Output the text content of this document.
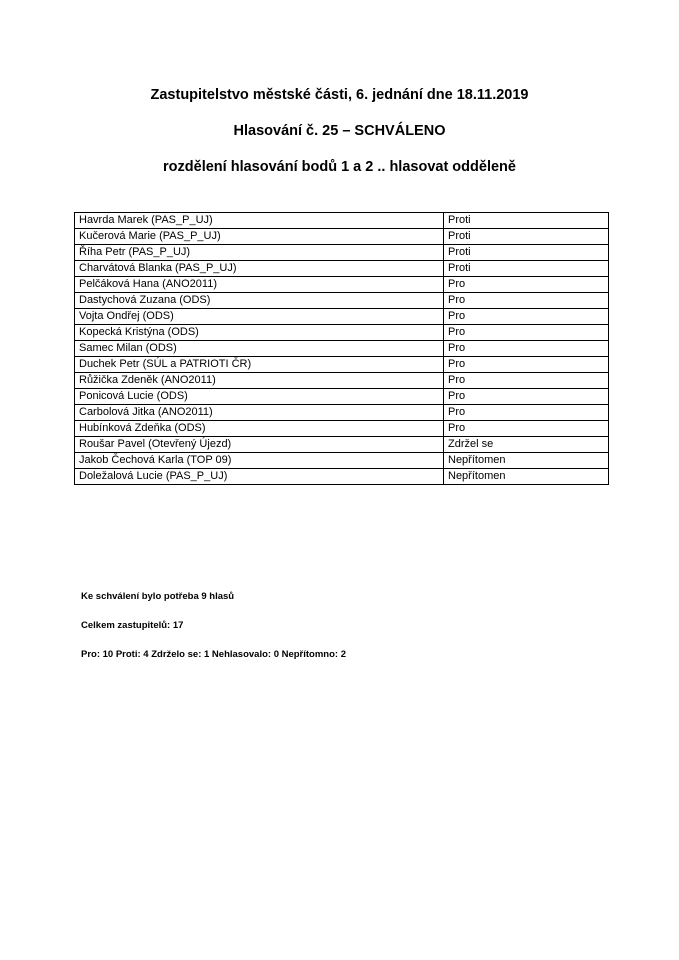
Zastupitelstvo městské části, 6. jednání dne 18.11.2019
Hlasování č. 25 – SCHVÁLENO
rozdělení hlasování bodů 1 a 2 .. hlasovat odděleně
Havrda Marek (PAS_P_UJ)	Proti
Kučerová Marie (PAS_P_UJ)	Proti
Říha Petr (PAS_P_UJ)	Proti
Charvátová Blanka (PAS_P_UJ)	Proti
Pelčáková Hana (ANO2011)	Pro
Dastychová Zuzana (ODS)	Pro
Vojta Ondřej (ODS)	Pro
Kopecká Kristýna (ODS)	Pro
Samec Milan (ODS)	Pro
Duchek Petr (SÚL a PATRIOTI ČR)	Pro
Růžička Zdeněk (ANO2011)	Pro
Ponicová Lucie (ODS)	Pro
Carbolová Jitka (ANO2011)	Pro
Hubínková Zdeňka (ODS)	Pro
Roušar Pavel (Otevřený Újezd)	Zdržel se
Jakob Čechová Karla (TOP 09)	Nepřítomen
Doležalová Lucie (PAS_P_UJ)	Nepřítomen
Ke schválení bylo potřeba 9 hlasů
Celkem zastupitelů: 17
Pro: 10 Proti: 4 Zdrželo se: 1 Nehlasovalo: 0 Nepřítomno: 2
